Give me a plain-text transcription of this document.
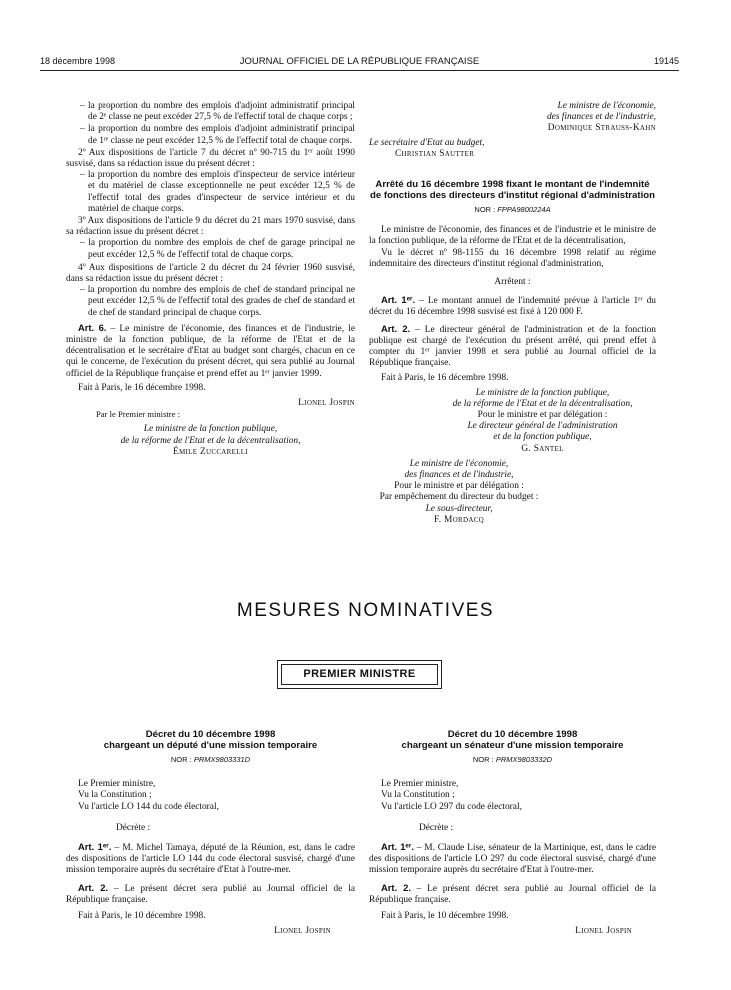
18 décembre 1998	JOURNAL OFFICIEL DE LA RÉPUBLIQUE FRANÇAISE	19145

– la proportion du nombre des emplois d'adjoint administratif principal de 2ᵉ classe ne peut excéder 27,5 % de l'effectif total de chaque corps ;

– la proportion du nombre des emplois d'adjoint administratif principal de 1ʳᵉ classe ne peut excéder 12,5 % de l'effectif total de chaque corps.

2º Aux dispositions de l'article 7 du décret nº 90-715 du 1ᵉʳ août 1990 susvisé, dans sa rédaction issue du présent décret :

– la proportion du nombre des emplois d'inspecteur de service intérieur et du matériel de classe exceptionnelle ne peut excéder 12,5 % de l'effectif total des grades d'inspecteur de service intérieur et du matériel de chaque corps.

3º Aux dispositions de l'article 9 du décret du 21 mars 1970 susvisé, dans sa rédaction issue du présent décret :

– la proportion du nombre des emplois de chef de garage principal ne peut excéder 12,5 % de l'effectif total de chaque corps.

4º Aux dispositions de l'article 2 du décret du 24 février 1960 susvisé, dans sa rédaction issue du présent décret :

– la proportion du nombre des emplois de chef de standard principal ne peut excéder 12,5 % de l'effectif total des grades de chef de standard et de chef de standard principal de chaque corps.

Art. 6. – Le ministre de l'économie, des finances et de l'industrie, le ministre de la fonction publique, de la réforme de l'Etat et de la décentralisation et le secrétaire d'Etat au budget sont chargés, chacun en ce qui le concerne, de l'exécution du présent décret, qui sera publié au Journal officiel de la République française et prend effet au 1ᵉʳ janvier 1999.

Fait à Paris, le 16 décembre 1998.

Lionel Jospin

Par le Premier ministre :

Le ministre de la fonction publique,

de la réforme de l'Etat et de la décentralisation,

Émile Zuccarelli

Le ministre de l'économie,

des finances et de l'industrie,

Dominique Strauss-Kahn

Le secrétaire d'Etat au budget,

Christian Sautter

Arrêté du 16 décembre 1998 fixant le montant de l'indemnité de fonctions des directeurs d'institut régional d'administration

NOR : FPPA9800224A

Le ministre de l'économie, des finances et de l'industrie et le ministre de la fonction publique, de la réforme de l'Etat et de la décentralisation,

Vu le décret nº 98-1155 du 16 décembre 1998 relatif au régime indemnitaire des directeurs d'institut régional d'administration,

Arrêtent :

Art. 1ᵉʳ. – Le montant annuel de l'indemnité prévue à l'article 1ᵉʳ du décret du 16 décembre 1998 susvisé est fixé à 120 000 F.

Art. 2. – Le directeur général de l'administration et de la fonction publique est chargé de l'exécution du présent arrêté, qui prend effet à compter du 1ᵉʳ janvier 1998 et sera publié au Journal officiel de la République française.

Fait à Paris, le 16 décembre 1998.

Le ministre de la fonction publique,

de la réforme de l'Etat et de la décentralisation,

Pour le ministre et par délégation :

Le directeur général de l'administration

et de la fonction publique,

G. Santel

Le ministre de l'économie,

des finances et de l'industrie,

Pour le ministre et par délégation :

Par empêchement du directeur du budget :

Le sous-directeur,

F. Mordacq

MESURES NOMINATIVES
PREMIER MINISTRE

Décret du 10 décembre 1998

chargeant un député d'une mission temporaire

NOR : PRMX9803331D

Le Premier ministre,

Vu la Constitution ;

Vu l'article LO 144 du code électoral,

Décrète :

Art. 1ᵉʳ. – M. Michel Tamaya, député de la Réunion, est, dans le cadre des dispositions de l'article LO 144 du code électoral susvisé, chargé d'une mission temporaire auprès du secrétaire d'Etat à l'outre-mer.

Art. 2. – Le présent décret sera publié au Journal officiel de la République française.

Fait à Paris, le 10 décembre 1998.

Lionel Jospin

Décret du 10 décembre 1998

chargeant un sénateur d'une mission temporaire

NOR : PRMX9803332D

Le Premier ministre,

Vu la Constitution ;

Vu l'article LO 297 du code électoral,

Décrète :

Art. 1ᵉʳ. – M. Claude Lise, sénateur de la Martinique, est, dans le cadre des dispositions de l'article LO 297 du code électoral susvisé, chargé d'une mission temporaire auprès du secrétaire d'Etat à l'outre-mer.

Art. 2. – Le présent décret sera publié au Journal officiel de la République française.

Fait à Paris, le 10 décembre 1998.

Lionel Jospin
